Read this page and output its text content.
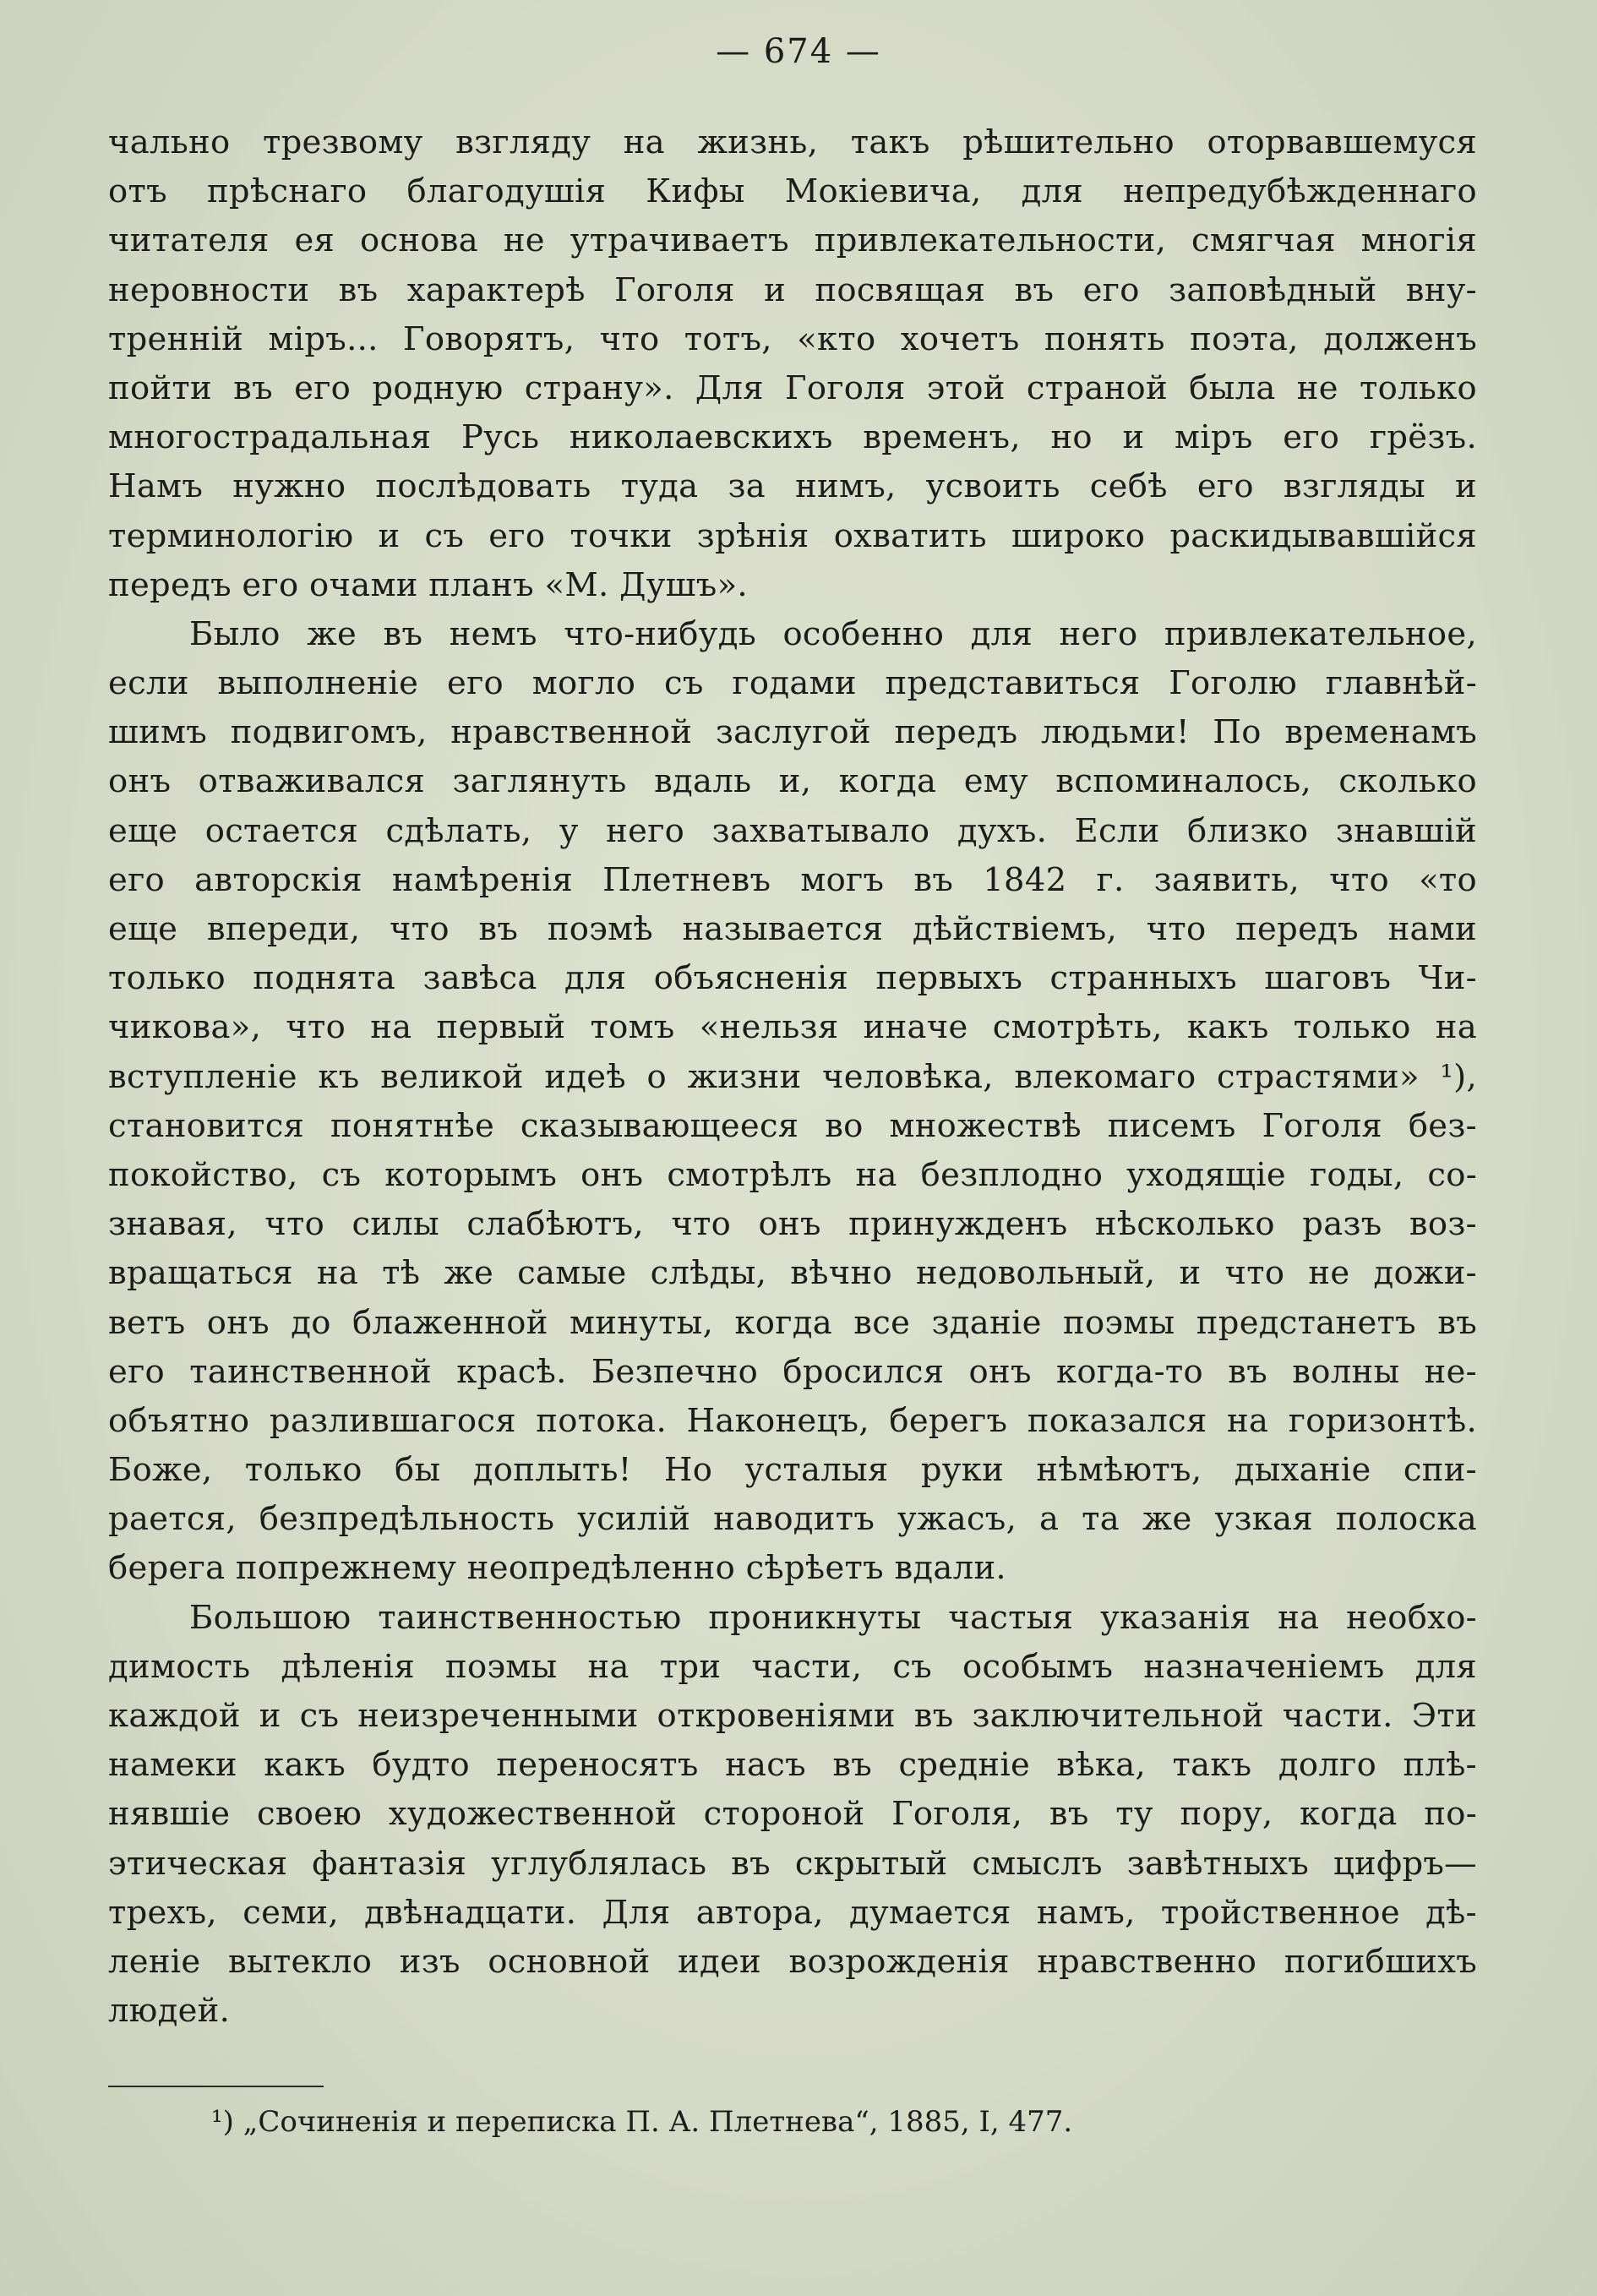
— 674 —
чально трезвому взгляду на жизнь, такъ рѣшительно оторвавшемуся
отъ прѣснаго благодушія Кифы Мокіевича, для непредубѣжденнаго
читателя ея основа не утрачиваетъ привлекательности, смягчая многія
неровности въ характерѣ Гоголя и посвящая въ его заповѣдный вну-
тренній міръ... Говорятъ, что тотъ, «кто хочетъ понять поэта, долженъ
пойти въ его родную страну». Для Гоголя этой страной была не только
многострадальная Русь николаевскихъ временъ, но и міръ его грёзъ.
Намъ нужно послѣдовать туда за нимъ, усвоить себѣ его взгляды и
терминологію и съ его точки зрѣнія охватить широко раскидывавшійся
передъ его очами планъ «М. Душъ».
Было же въ немъ что-нибудь особенно для него привлекательное,
если выполненіе его могло съ годами представиться Гоголю главнѣй-
шимъ подвигомъ, нравственной заслугой передъ людьми! По временамъ
онъ отваживался заглянуть вдаль и, когда ему вспоминалось, сколько
еще остается сдѣлать, у него захватывало духъ. Если близко знавшій
его авторскія намѣренія Плетневъ могъ въ 1842 г. заявить, что «то
еще впереди, что въ поэмѣ называется дѣйствіемъ, что передъ нами
только поднята завѣса для объясненія первыхъ странныхъ шаговъ Чи-
чикова», что на первый томъ «нельзя иначе смотрѣть, какъ только на
вступленіе къ великой идеѣ о жизни человѣка, влекомаго страстями» ¹),
становится понятнѣе сказывающееся во множествѣ писемъ Гоголя без-
покойство, съ которымъ онъ смотрѣлъ на безплодно уходящіе годы, со-
знавая, что силы слабѣютъ, что онъ принужденъ нѣсколько разъ воз-
вращаться на тѣ же самые слѣды, вѣчно недовольный, и что не дожи-
ветъ онъ до блаженной минуты, когда все зданіе поэмы предстанетъ въ
его таинственной красѣ. Безпечно бросился онъ когда-то въ волны не-
объятно разлившагося потока. Наконецъ, берегъ показался на горизонтѣ.
Боже, только бы доплыть! Но усталыя руки нѣмѣютъ, дыханіе спи-
рается, безпредѣльность усилій наводитъ ужасъ, а та же узкая полоска
берега попрежнему неопредѣленно сѣрѣетъ вдали.
Большою таинственностью проникнуты частыя указанія на необхо-
димость дѣленія поэмы на три части, съ особымъ назначеніемъ для
каждой и съ неизреченными откровеніями въ заключительной части. Эти
намеки какъ будто переносятъ насъ въ средніе вѣка, такъ долго плѣ-
нявшіе своею художественной стороной Гоголя, въ ту пору, когда по-
этическая фантазія углублялась въ скрытый смыслъ завѣтныхъ цифръ—
трехъ, семи, двѣнадцати. Для автора, думается намъ, тройственное дѣ-
леніе вытекло изъ основной идеи возрожденія нравственно погибшихъ
людей.
¹) „Сочиненія и переписка П. А. Плетнева“, 1885, I, 477.
